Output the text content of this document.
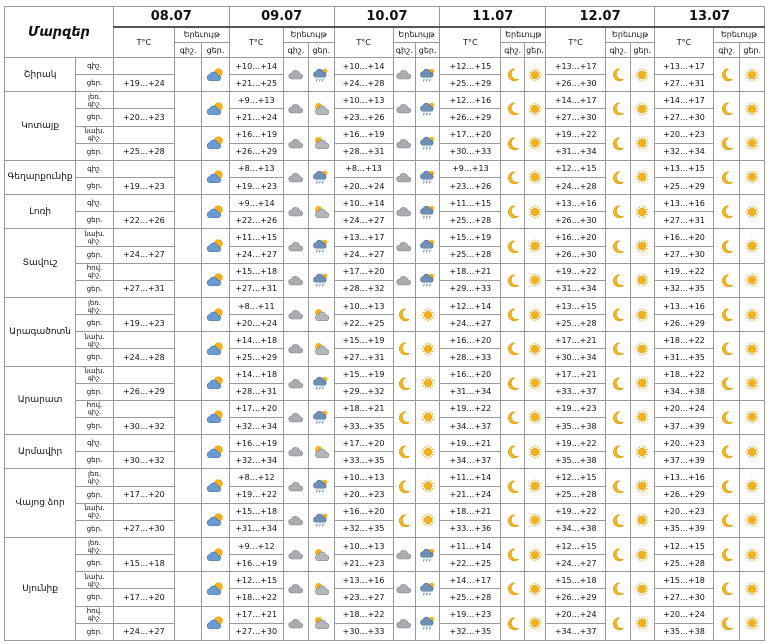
Մարզեր		08.07			09.07			10.07			11.07			12.07			13.07		
		T°C	Երեւույթ		T°C	Երեւույթ		T°C	Երեւույթ		T°C	Երեւույթ		T°C	Երեւույթ		T°C	Երեւույթ	
			գիշ.	ցեր.		գիշ.	ցեր.		գիշ.	ցեր.		գիշ.	ցեր.		գիշ.	ցեր.		գիշ.	ցեր.
Շիրակ	գիշ.				+10…+14			+10…+14			+12…+15			+13…+17			+13…+17	

	ցեր.	+19…+24			+21…+25			+24…+28			+25…+29			+26…+30			+27…+31		
Կոտայք	լեռ.
գիշ.				+9…+13			+10…+13			+12…+16			+14…+17			+14…+17	

	ցեր.	+20…+23			+21…+24			+23…+26			+26…+29			+27…+30			+27…+30		

	նախ.
գիշ.				+16…+19			+16…+19			+17…+20			+19…+22			+20…+23	

	ցեր.	+25…+28			+26…+29			+28…+31			+30…+33			+31…+34			+32…+34		
Գեղարքունիք	գիշ.				+8…+13			+8…+13			+9…+13			+12…+15			+13…+15	

	ցեր.	+19…+23			+19…+23			+20…+24			+23…+26			+24…+28			+25…+29		
Լոռի	գիշ.				+9…+14			+10…+14			+11…+15			+13…+16			+13…+16	

	ցեր.	+22…+26			+22…+26			+24…+27			+25…+28			+26…+30			+27…+31		
Տավուշ	նախ.
գիշ.				+11…+15			+13…+17			+15…+19			+16…+20			+16…+20	

	ցեր.	+24…+27			+24…+27			+24…+27			+25…+28			+26…+30			+27…+30		

	հով.
գիշ.				+15…+18			+17…+20			+18…+21			+19…+22			+19…+22	

	ցեր.	+27…+31			+27…+31			+28…+32			+29…+33			+31…+34			+32…+35		
Արագածոտն	լեռ.
գիշ.				+8…+11			+10…+13			+12…+14			+13…+15			+13…+16	

	ցեր.	+19…+23			+20…+24			+22…+25			+24…+27			+25…+28			+26…+29		

	նախ.
գիշ.				+14…+18			+15…+19			+16…+20			+17…+21			+18…+22	

	ցեր.	+24…+28			+25…+29			+27…+31			+28…+33			+30…+34			+31…+35		
Արարատ	նախ.
գիշ.				+14…+18			+15…+19			+16…+20			+17…+21			+18…+22	

	ցեր.	+26…+29			+28…+31			+29…+32			+31…+34			+33…+37			+34…+38		

	հով.
գիշ.				+17…+20			+18…+21			+19…+22			+19…+23			+20…+24	

	ցեր.	+30…+32			+32…+34			+33…+35			+34…+37			+35…+38			+37…+39		
Արմավիր	գիշ.				+16…+19			+17…+20			+19…+21			+19…+22			+20…+23	

	ցեր.	+30…+32			+32…+34			+33…+35			+34…+37			+35…+38			+37…+39		
Վայոց ձոր	լեռ.
գիշ.				+8…+12			+10…+13			+11…+14			+12…+15			+13…+16	

	ցեր.	+17…+20			+19…+22			+20…+23			+21…+24			+25…+28			+26…+29		

	նախ.
գիշ.				+15…+18			+16…+20			+18…+21			+19…+22			+20…+23	

	ցեր.	+27…+30			+31…+34			+32…+35			+33…+36			+34…+38			+35…+39		
Սյունիք	լեռ.
գիշ.				+9…+12			+10…+13			+11…+14			+12…+15			+12…+15	

	ցեր.	+15…+18			+16…+19			+21…+23			+22…+25			+24…+27			+25…+28		

	նախ.
գիշ.				+12…+15			+13…+16			+14…+17			+15…+18			+15…+18	

	ցեր.	+17…+20			+18…+22			+23…+27			+25…+28			+26…+29			+27…+30		

	հով.
գիշ.				+17…+21			+18…+22			+19…+23			+20…+24			+20…+24	

	ցեր.	+24…+27			+27…+30			+30…+33			+32…+35			+34…+37			+35…+38		
